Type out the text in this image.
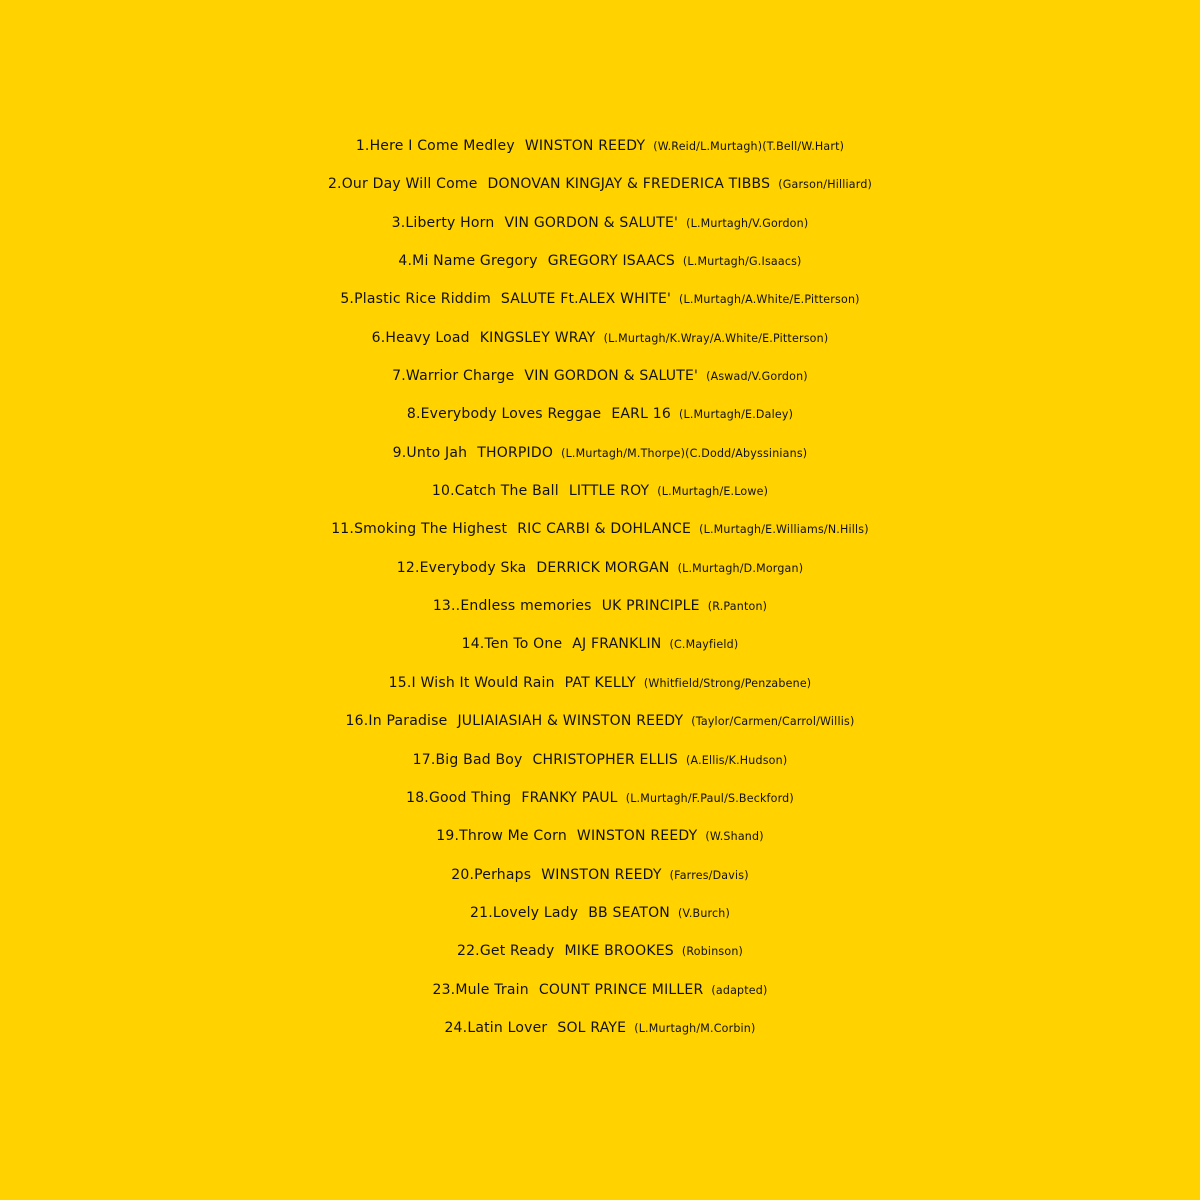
1.Here I Come Medley WINSTON REEDY (W.Reid/L.Murtagh)(T.Bell/W.Hart)
2.Our Day Will Come DONOVAN KINGJAY & FREDERICA TIBBS (Garson/Hilliard)
3.Liberty Horn VIN GORDON & SALUTE' (L.Murtagh/V.Gordon)
4.Mi Name Gregory GREGORY ISAACS (L.Murtagh/G.Isaacs)
5.Plastic Rice Riddim SALUTE Ft.ALEX WHITE' (L.Murtagh/A.White/E.Pitterson)
6.Heavy Load KINGSLEY WRAY (L.Murtagh/K.Wray/A.White/E.Pitterson)
7.Warrior Charge VIN GORDON & SALUTE' (Aswad/V.Gordon)
8.Everybody Loves Reggae EARL 16 (L.Murtagh/E.Daley)
9.Unto Jah THORPIDO (L.Murtagh/M.Thorpe)(C.Dodd/Abyssinians)
10.Catch The Ball LITTLE ROY (L.Murtagh/E.Lowe)
11.Smoking The Highest RIC CARBI & DOHLANCE (L.Murtagh/E.Williams/N.Hills)
12.Everybody Ska DERRICK MORGAN (L.Murtagh/D.Morgan)
13..Endless memories UK PRINCIPLE (R.Panton)
14.Ten To One AJ FRANKLIN (C.Mayfield)
15.I Wish It Would Rain PAT KELLY (Whitfield/Strong/Penzabene)
16.In Paradise JULIAIASIAH & WINSTON REEDY (Taylor/Carmen/Carrol/Willis)
17.Big Bad Boy CHRISTOPHER ELLIS (A.Ellis/K.Hudson)
18.Good Thing FRANKY PAUL (L.Murtagh/F.Paul/S.Beckford)
19.Throw Me Corn WINSTON REEDY (W.Shand)
20.Perhaps WINSTON REEDY (Farres/Davis)
21.Lovely Lady BB SEATON (V.Burch)
22.Get Ready MIKE BROOKES (Robinson)
23.Mule Train COUNT PRINCE MILLER (adapted)
24.Latin Lover SOL RAYE (L.Murtagh/M.Corbin)
